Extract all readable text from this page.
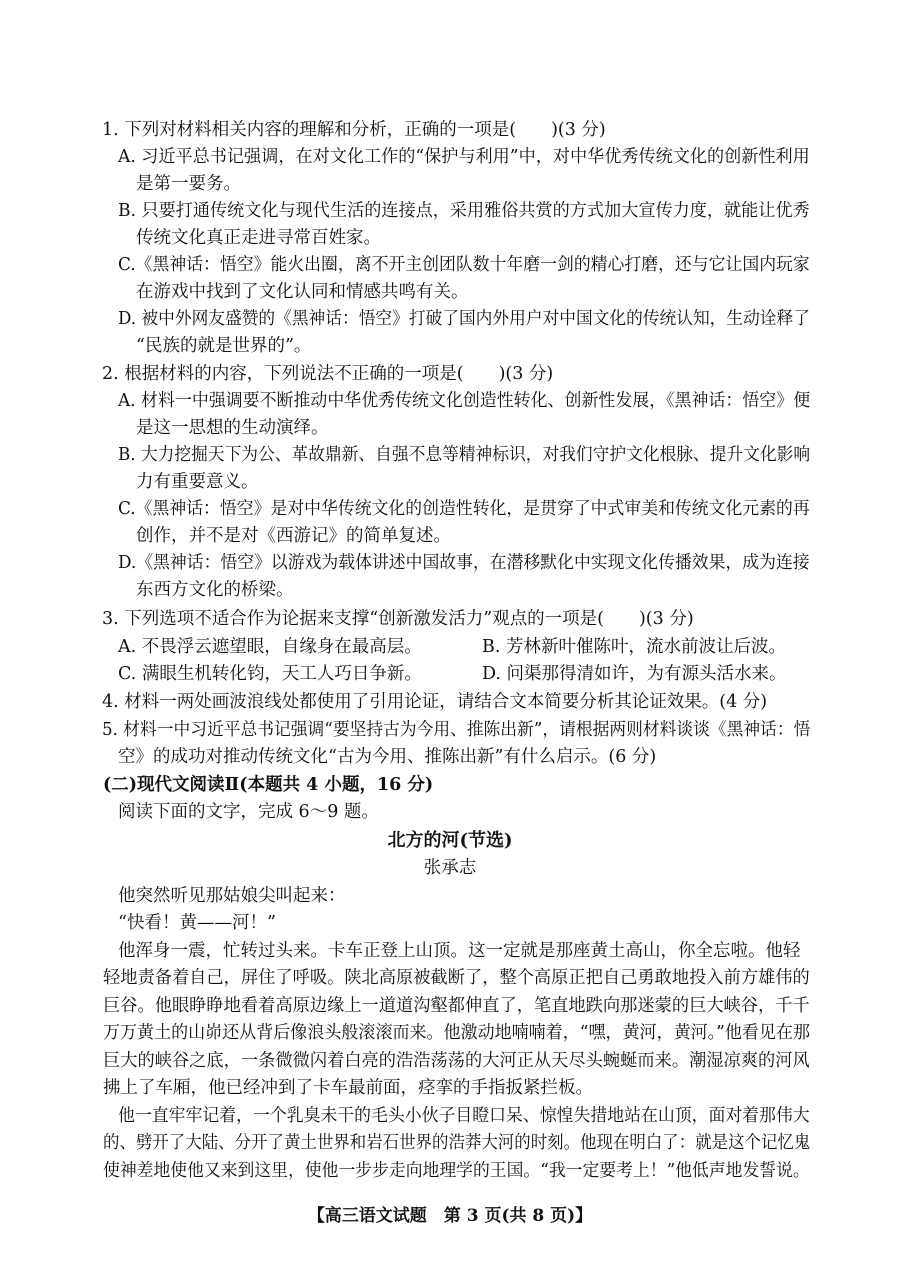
1. 下列对材料相关内容的理解和分析，正确的一项是(　　)(3 分)
A. 习近平总书记强调，在对文化工作的“保护与利用”中，对中华优秀传统文化的创新性利用
是第一要务。
B. 只要打通传统文化与现代生活的连接点，采用雅俗共赏的方式加大宣传力度，就能让优秀
传统文化真正走进寻常百姓家。
C.《黑神话：悟空》能火出圈，离不开主创团队数十年磨一剑的精心打磨，还与它让国内玩家
在游戏中找到了文化认同和情感共鸣有关。
D. 被中外网友盛赞的《黑神话：悟空》打破了国内外用户对中国文化的传统认知，生动诠释了
“民族的就是世界的”。
2. 根据材料的内容，下列说法不正确的一项是(　　)(3 分)
A. 材料一中强调要不断推动中华优秀传统文化创造性转化、创新性发展，《黑神话：悟空》便
是这一思想的生动演绎。
B. 大力挖掘天下为公、革故鼎新、自强不息等精神标识，对我们守护文化根脉、提升文化影响
力有重要意义。
C.《黑神话：悟空》是对中华传统文化的创造性转化，是贯穿了中式审美和传统文化元素的再
创作，并不是对《西游记》的简单复述。
D.《黑神话：悟空》以游戏为载体讲述中国故事，在潜移默化中实现文化传播效果，成为连接
东西方文化的桥梁。
3. 下列选项不适合作为论据来支撑“创新激发活力”观点的一项是(　　)(3 分)
A. 不畏浮云遮望眼，自缘身在最高层。	B. 芳林新叶催陈叶，流水前波让后波。
C. 满眼生机转化钧，天工人巧日争新。	D. 问渠那得清如许，为有源头活水来。
4. 材料一两处画波浪线处都使用了引用论证，请结合文本简要分析其论证效果。(4 分)
5. 材料一中习近平总书记强调“要坚持古为今用、推陈出新”，请根据两则材料谈谈《黑神话：悟
空》的成功对推动传统文化“古为今用、推陈出新”有什么启示。(6 分)
(二)现代文阅读Ⅱ(本题共 4 小题，16 分)
阅读下面的文字，完成 6～9 题。
北方的河(节选)
张承志
他突然听见那姑娘尖叫起来：
“快看！黄——河！”
他浑身一震，忙转过头来。卡车正登上山顶。这一定就是那座黄土高山，你全忘啦。他轻
轻地责备着自己，屏住了呼吸。陕北高原被截断了，整个高原正把自己勇敢地投入前方雄伟的
巨谷。他眼睁睁地看着高原边缘上一道道沟壑都伸直了，笔直地跌向那迷蒙的巨大峡谷，千千
万万黄土的山峁还从背后像浪头般滚滚而来。他激动地喃喃着，“嘿，黄河，黄河。”他看见在那
巨大的峡谷之底，一条微微闪着白亮的浩浩荡荡的大河正从天尽头蜿蜒而来。潮湿凉爽的河风
拂上了车厢，他已经冲到了卡车最前面，痉挛的手指扳紧拦板。
他一直牢牢记着，一个乳臭未干的毛头小伙子目瞪口呆、惊惶失措地站在山顶，面对着那伟大
的、劈开了大陆、分开了黄土世界和岩石世界的浩莽大河的时刻。他现在明白了：就是这个记忆鬼
使神差地使他又来到这里，使他一步步走向地理学的王国。“我一定要考上！”他低声地发誓说。
【高三语文试题　第 3 页(共 8 页)】
